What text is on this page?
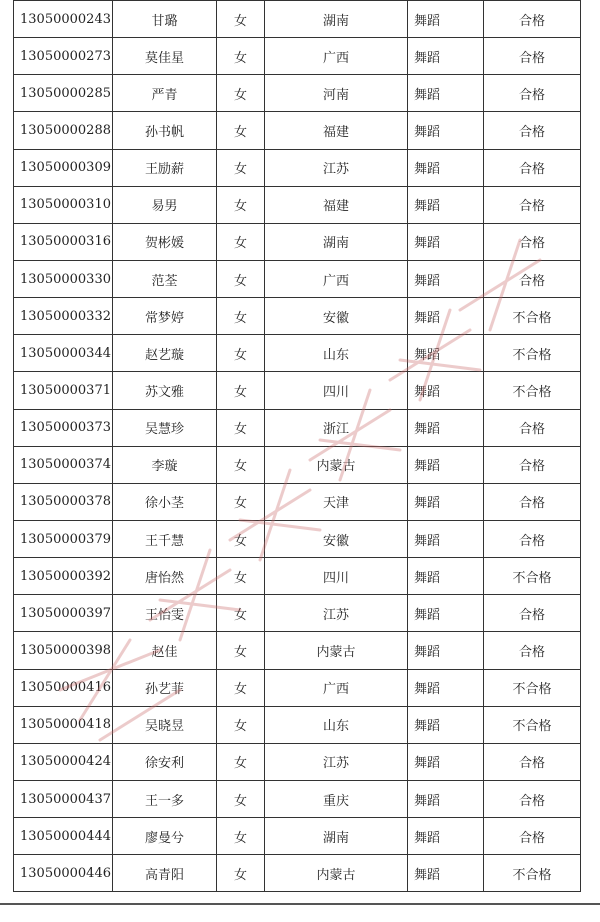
13050000243	甘璐	女	湖南	舞蹈	合格
13050000273	莫佳星	女	广西	舞蹈	合格
13050000285	严青	女	河南	舞蹈	合格
13050000288	孙书帆	女	福建	舞蹈	合格
13050000309	王励薪	女	江苏	舞蹈	合格
13050000310	易男	女	福建	舞蹈	合格
13050000316	贺彬媛	女	湖南	舞蹈	合格
13050000330	范荃	女	广西	舞蹈	合格
13050000332	常梦婷	女	安徽	舞蹈	不合格
13050000344	赵艺璇	女	山东	舞蹈	不合格
13050000371	苏文雅	女	四川	舞蹈	不合格
13050000373	吴慧珍	女	浙江	舞蹈	合格
13050000374	李璇	女	内蒙古	舞蹈	合格
13050000378	徐小茎	女	天津	舞蹈	合格
13050000379	王千慧	女	安徽	舞蹈	合格
13050000392	唐怡然	女	四川	舞蹈	不合格
13050000397	王怡雯	女	江苏	舞蹈	合格
13050000398	赵佳	女	内蒙古	舞蹈	合格
13050000416	孙艺菲	女	广西	舞蹈	不合格
13050000418	吴晓昱	女	山东	舞蹈	不合格
13050000424	徐安利	女	江苏	舞蹈	合格
13050000437	王一多	女	重庆	舞蹈	合格
13050000444	廖曼兮	女	湖南	舞蹈	合格
13050000446	高青阳	女	内蒙古	舞蹈	不合格
